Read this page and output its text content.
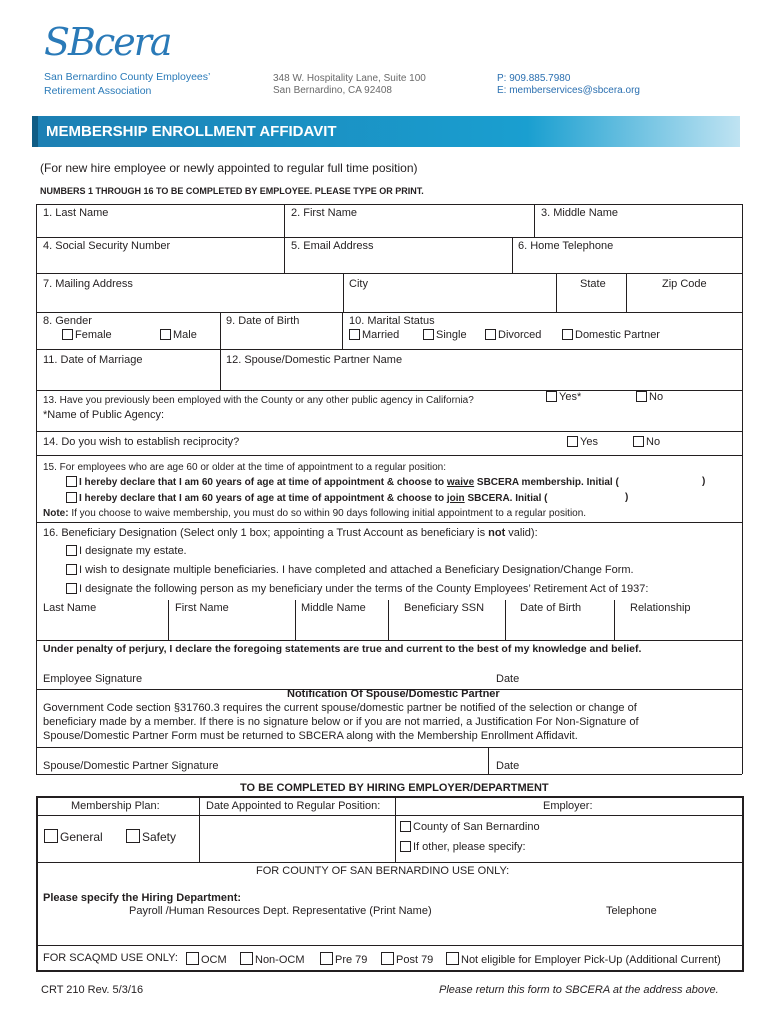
SBcera
San Bernardino County Employees’
Retirement Association
348 W. Hospitality Lane, Suite 100
San Bernardino, CA 92408
P: 909.885.7980
E: memberservices@sbcera.org
MEMBERSHIP ENROLLMENT AFFIDAVIT
(For new hire employee or newly appointed to regular full time position)
NUMBERS 1 THROUGH 16 TO BE COMPLETED BY EMPLOYEE. PLEASE TYPE OR PRINT.
1. Last Name	2. First Name	3. Middle Name
4. Social Security Number	5. Email Address	6. Home Telephone
7. Mailing Address	City	State	Zip Code
8. Gender
Female	Male
9. Date of Birth	10. Marital Status
Married	Single	Divorced	Domestic Partner
11. Date of Marriage	12. Spouse/Domestic Partner Name
13. Have you previously been employed with the County or any other public agency in California?	Yes*	No
*Name of Public Agency:
14. Do you wish to establish reciprocity?	Yes	No
15. For employees who are age 60 or older at the time of appointment to a regular position:
I hereby declare that I am 60 years of age at time of appointment & choose to waive SBCERA membership. Initial (	)
I hereby declare that I am 60 years of age at time of appointment & choose to join SBCERA. Initial (	)
Note: If you choose to waive membership, you must do so within 90 days following initial appointment to a regular position.
16. Beneficiary Designation (Select only 1 box; appointing a Trust Account as beneficiary is not valid):
I designate my estate.
I wish to designate multiple beneficiaries. I have completed and attached a Beneficiary Designation/Change Form.
I designate the following person as my beneficiary under the terms of the County Employees’ Retirement Act of 1937:
Last Name	First Name	Middle Name	Beneficiary SSN	Date of Birth	Relationship
Under penalty of perjury, I declare the foregoing statements are true and current to the best of my knowledge and belief.
Employee Signature	Date
Notification Of Spouse/Domestic Partner
Government Code section §31760.3 requires the current spouse/domestic partner be notified of the selection or change of
beneficiary made by a member. If there is no signature below or if you are not married, a Justification For Non-Signature of
Spouse/Domestic Partner Form must be returned to SBCERA along with the Membership Enrollment Affidavit.
Spouse/Domestic Partner Signature	Date
TO BE COMPLETED BY HIRING EMPLOYER/DEPARTMENT
Membership Plan:	Date Appointed to Regular Position:	Employer:
General	Safety
County of San Bernardino
If other, please specify:
FOR COUNTY OF SAN BERNARDINO USE ONLY:
Please specify the Hiring Department:
Payroll /Human Resources Dept. Representative (Print Name)	Telephone
FOR SCAQMD USE ONLY:	OCM	Non-OCM	Pre 79	Post 79	Not eligible for Employer Pick-Up (Additional Current)
CRT 210 Rev. 5/3/16	Please return this form to SBCERA at the address above.
